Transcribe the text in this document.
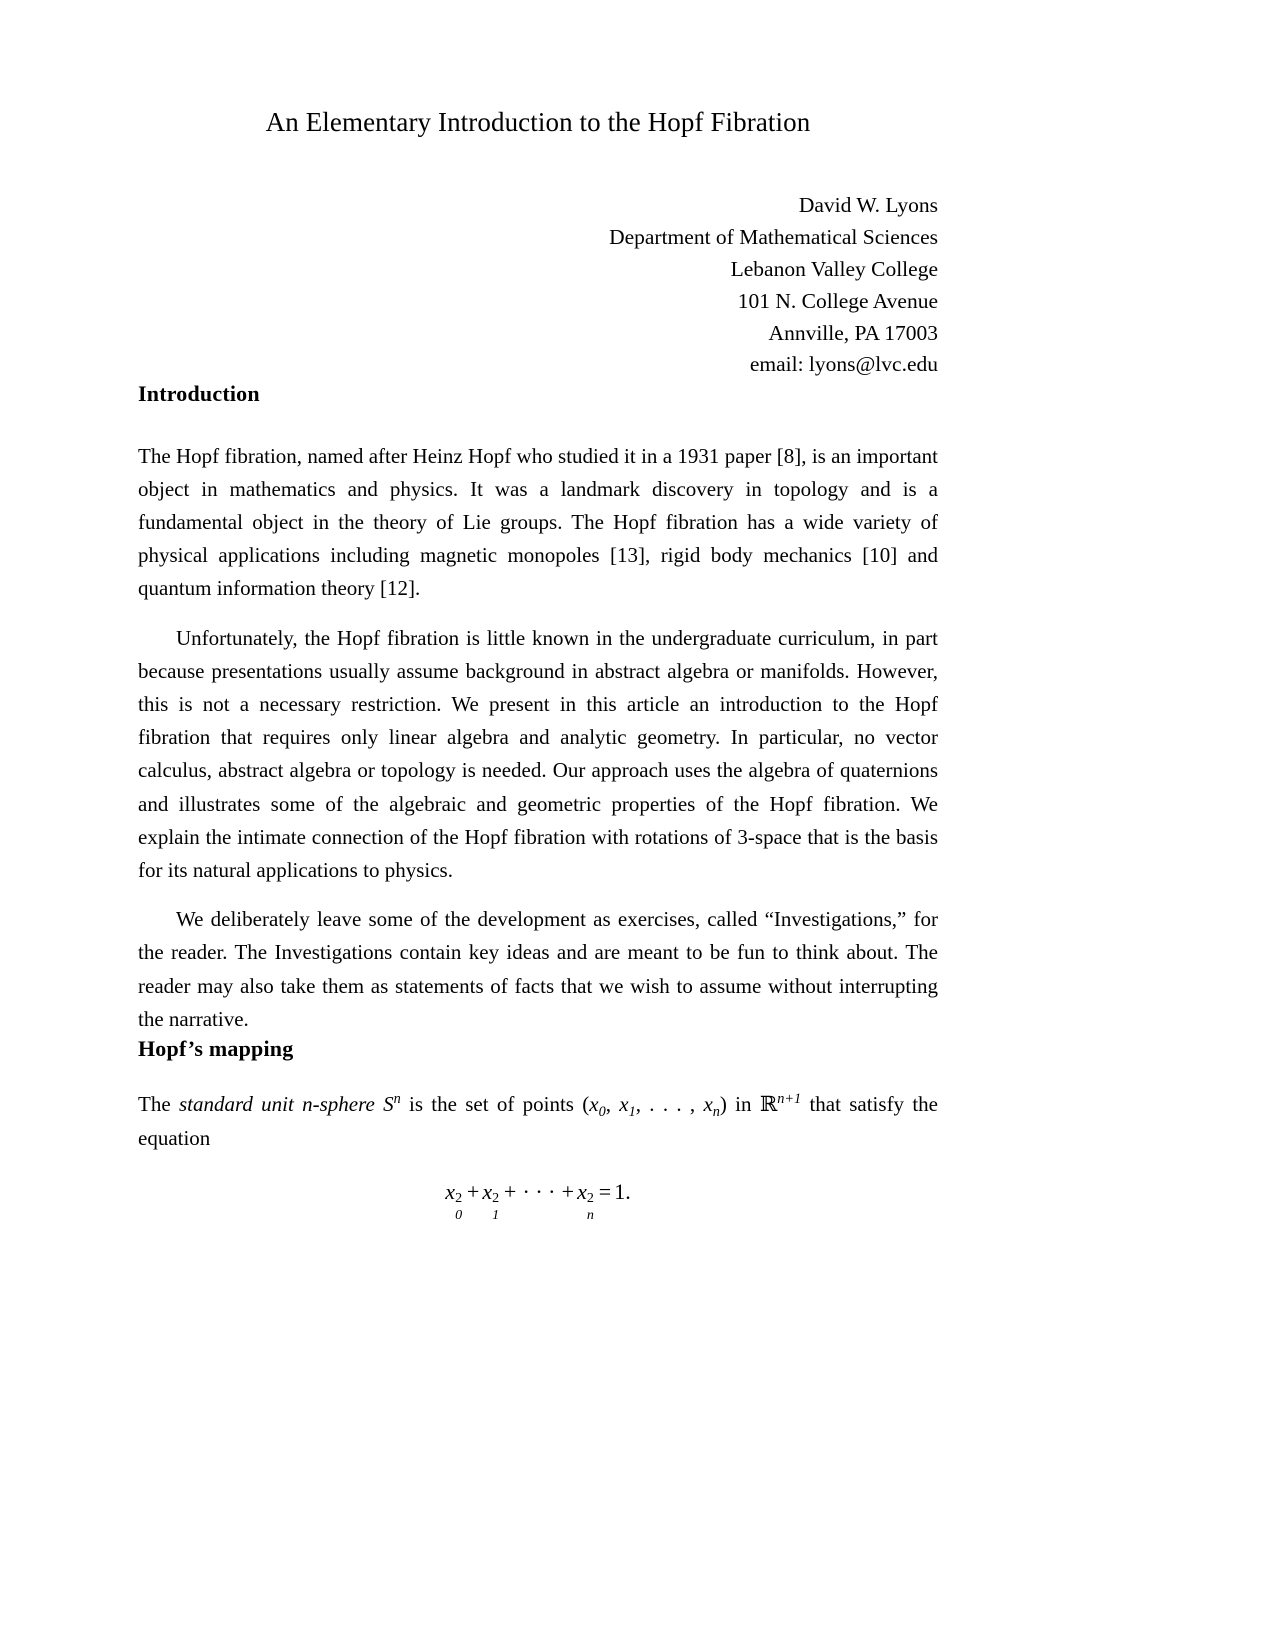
An Elementary Introduction to the Hopf Fibration
David W. Lyons
Department of Mathematical Sciences
Lebanon Valley College
101 N. College Avenue
Annville, PA 17003
email: lyons@lvc.edu
Introduction

The Hopf fibration, named after Heinz Hopf who studied it in a 1931 paper [8], is an important object in mathematics and physics. It was a landmark discovery in topology and is a fundamental object in the theory of Lie groups. The Hopf fibration has a wide variety of physical applications including magnetic monopoles [13], rigid body mechanics [10] and quantum information theory [12].

Unfortunately, the Hopf fibration is little known in the undergraduate curriculum, in part because presentations usually assume background in abstract algebra or manifolds. However, this is not a necessary restriction. We present in this article an introduction to the Hopf fibration that requires only linear algebra and analytic geometry. In particular, no vector calculus, abstract algebra or topology is needed. Our approach uses the algebra of quaternions and illustrates some of the algebraic and geometric properties of the Hopf fibration. We explain the intimate connection of the Hopf fibration with rotations of 3-space that is the basis for its natural applications to physics.

We deliberately leave some of the development as exercises, called “Investigations,” for the reader. The Investigations contain key ideas and are meant to be fun to think about. The reader may also take them as statements of facts that we wish to assume without interrupting the narrative.

Hopf’s mapping

The standard unit n-sphere $S^n$ is the set of points ($x_0$, $x_1$, . . . , $x_n$) in ℝ$^{n+1}$ that satisfy the equation

x 2
0
+ x 2
1
+ · · · + x 2
n
= 1.
